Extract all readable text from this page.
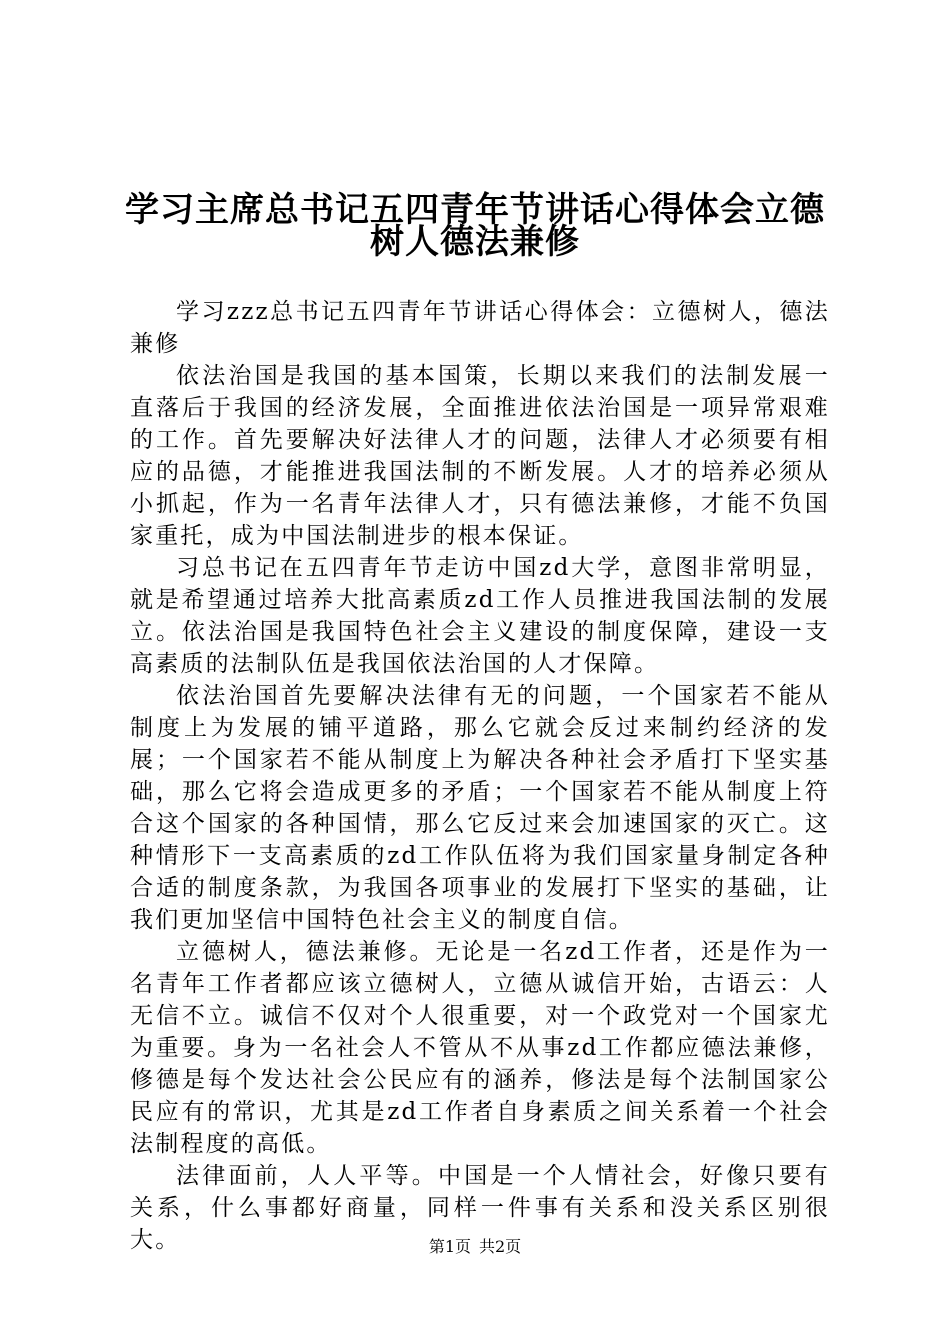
学习主席总书记五四青年节讲话心得体会立德
树人德法兼修

学习zzz总书记五四青年节讲话心得体会：立德树人，德法兼修

依法治国是我国的基本国策，长期以来我们的法制发展一直落后于我国的经济发展，全面推进依法治国是一项异常艰难的工作。首先要解决好法律人才的问题，法律人才必须要有相应的品德，才能推进我国法制的不断发展。人才的培养必须从小抓起，作为一名青年法律人才，只有德法兼修，才能不负国家重托，成为中国法制进步的根本保证。

习总书记在五四青年节走访中国zd大学，意图非常明显，就是希望通过培养大批高素质zd工作人员推进我国法制的发展立。依法治国是我国特色社会主义建设的制度保障，建设一支高素质的法制队伍是我国依法治国的人才保障。

依法治国首先要解决法律有无的问题，一个国家若不能从制度上为发展的铺平道路，那么它就会反过来制约经济的发展；一个国家若不能从制度上为解决各种社会矛盾打下坚实基础，那么它将会造成更多的矛盾；一个国家若不能从制度上符合这个国家的各种国情，那么它反过来会加速国家的灭亡。这种情形下一支高素质的zd工作队伍将为我们国家量身制定各种合适的制度条款，为我国各项事业的发展打下坚实的基础，让我们更加坚信中国特色社会主义的制度自信。

立德树人，德法兼修。无论是一名zd工作者，还是作为一名青年工作者都应该立德树人，立德从诚信开始，古语云：人无信不立。诚信不仅对个人很重要，对一个政党对一个国家尤为重要。身为一名社会人不管从不从事zd工作都应德法兼修，修德是每个发达社会公民应有的涵养，修法是每个法制国家公民应有的常识，尤其是zd工作者自身素质之间关系着一个社会法制程度的高低。

法律面前，人人平等。中国是一个人情社会，好像只要有关系，什么事都好商量，同样一件事有关系和没关系区别很大。	第1页 共2页
